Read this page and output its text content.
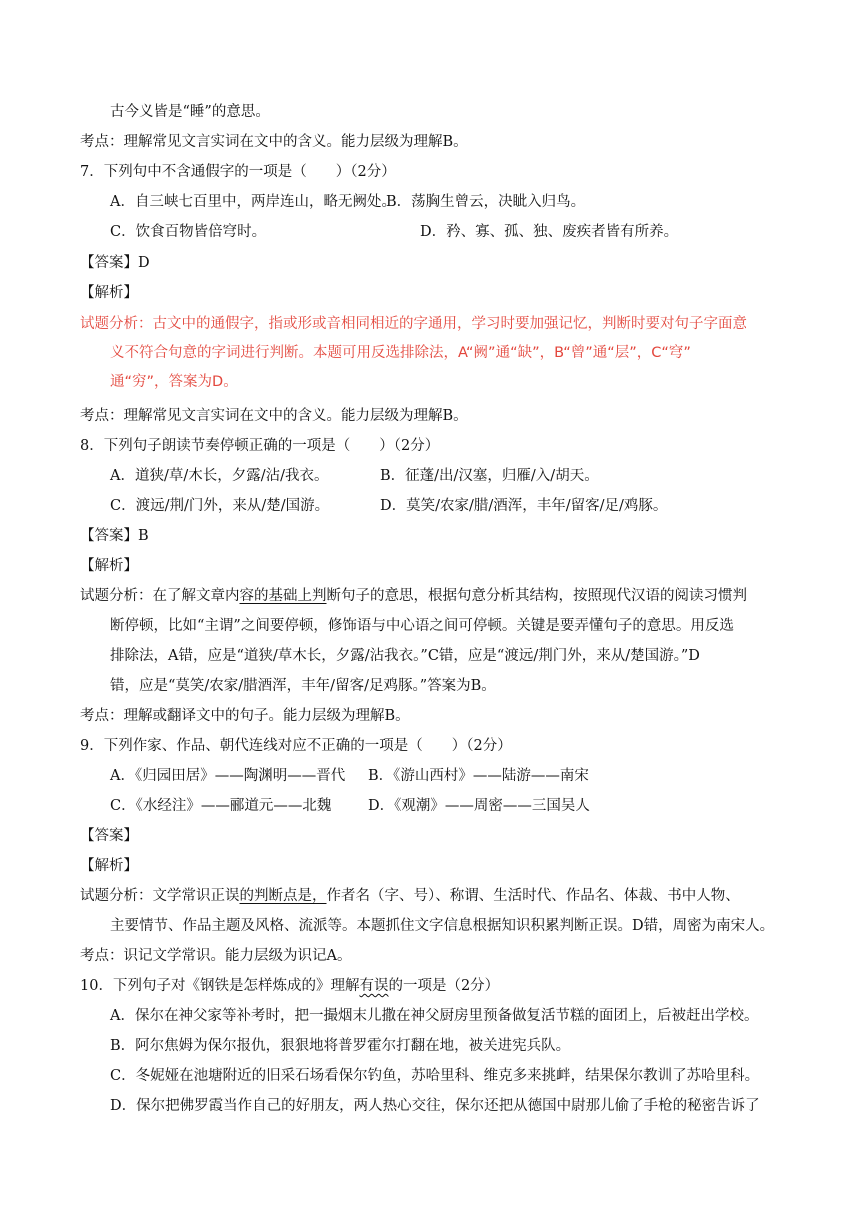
古今义皆是“睡”的意思。
考点：理解常见文言实词在文中的含义。能力层级为理解B。
7．下列句中不含通假字的一项是（　　）（2分）
A．自三峡七百里中，两岸连山，略无阙处。
B．荡胸生曾云，决眦入归鸟。
C．饮食百物皆倍穹时。	D．矜、寡、孤、独、废疾者皆有所养。
【答案】D
【解析】
试题分析：古文中的通假字，指或形或音相同相近的字通用，学习时要加强记忆，判断时要对句子字面意
义不符合句意的字词进行判断。本题可用反选排除法，A“阙”通“缺”，B“曾”通“层”，C“穹”
通“穷”，答案为D。
考点：理解常见文言实词在文中的含义。能力层级为理解B。
8．下列句子朗读节奏停顿正确的一项是（　　）（2分）
A．道狭/草/木长，夕露/沾/我衣。	B．征蓬/出/汉塞，归雁/入/胡天。
C．渡远/荆/门外，来从/楚/国游。	D．莫笑/农家/腊/酒浑，丰年/留客/足/鸡豚。
【答案】B
【解析】
试题分析：在了解文章内容的基础上判断句子的意思，根据句意分析其结构，按照现代汉语的阅读习惯判
断停顿，比如“主谓”之间要停顿，修饰语与中心语之间可停顿。关键是要弄懂句子的意思。用反选
排除法，A错，应是“道狭/草木长，夕露/沾我衣。”C错，应是“渡远/荆门外，来从/楚国游。”D
错，应是“莫笑/农家/腊酒浑，丰年/留客/足鸡豚。”答案为B。
考点：理解或翻译文中的句子。能力层级为理解B。
9．下列作家、作品、朝代连线对应不正确的一项是（　　）（2分）
A．《归园田居》——陶渊明——晋代 B．《游山西村》——陆游——南宋
C．《水经注》——郦道元——北魏	D．《观潮》——周密——三国吴人
【答案】
【解析】
试题分析：文学常识正误的判断点是，作者名（字、号）、称谓、生活时代、作品名、体裁、书中人物、
主要情节、作品主题及风格、流派等。本题抓住文字信息根据知识积累判断正误。D错，周密为南宋人。
考点：识记文学常识。能力层级为识记A。
10．下列句子对《钢铁是怎样炼成的》理解有误的一项是（2分）
A．保尔在神父家等补考时，把一撮烟末儿撒在神父厨房里预备做复活节糕的面团上，后被赶出学校。
B．阿尔焦姆为保尔报仇，狠狠地将普罗霍尔打翻在地，被关进宪兵队。
C．冬妮娅在池塘附近的旧采石场看保尔钓鱼，苏哈里科、维克多来挑衅，结果保尔教训了苏哈里科。
D．保尔把佛罗霞当作自己的好朋友，两人热心交往，保尔还把从德国中尉那儿偷了手枪的秘密告诉了
